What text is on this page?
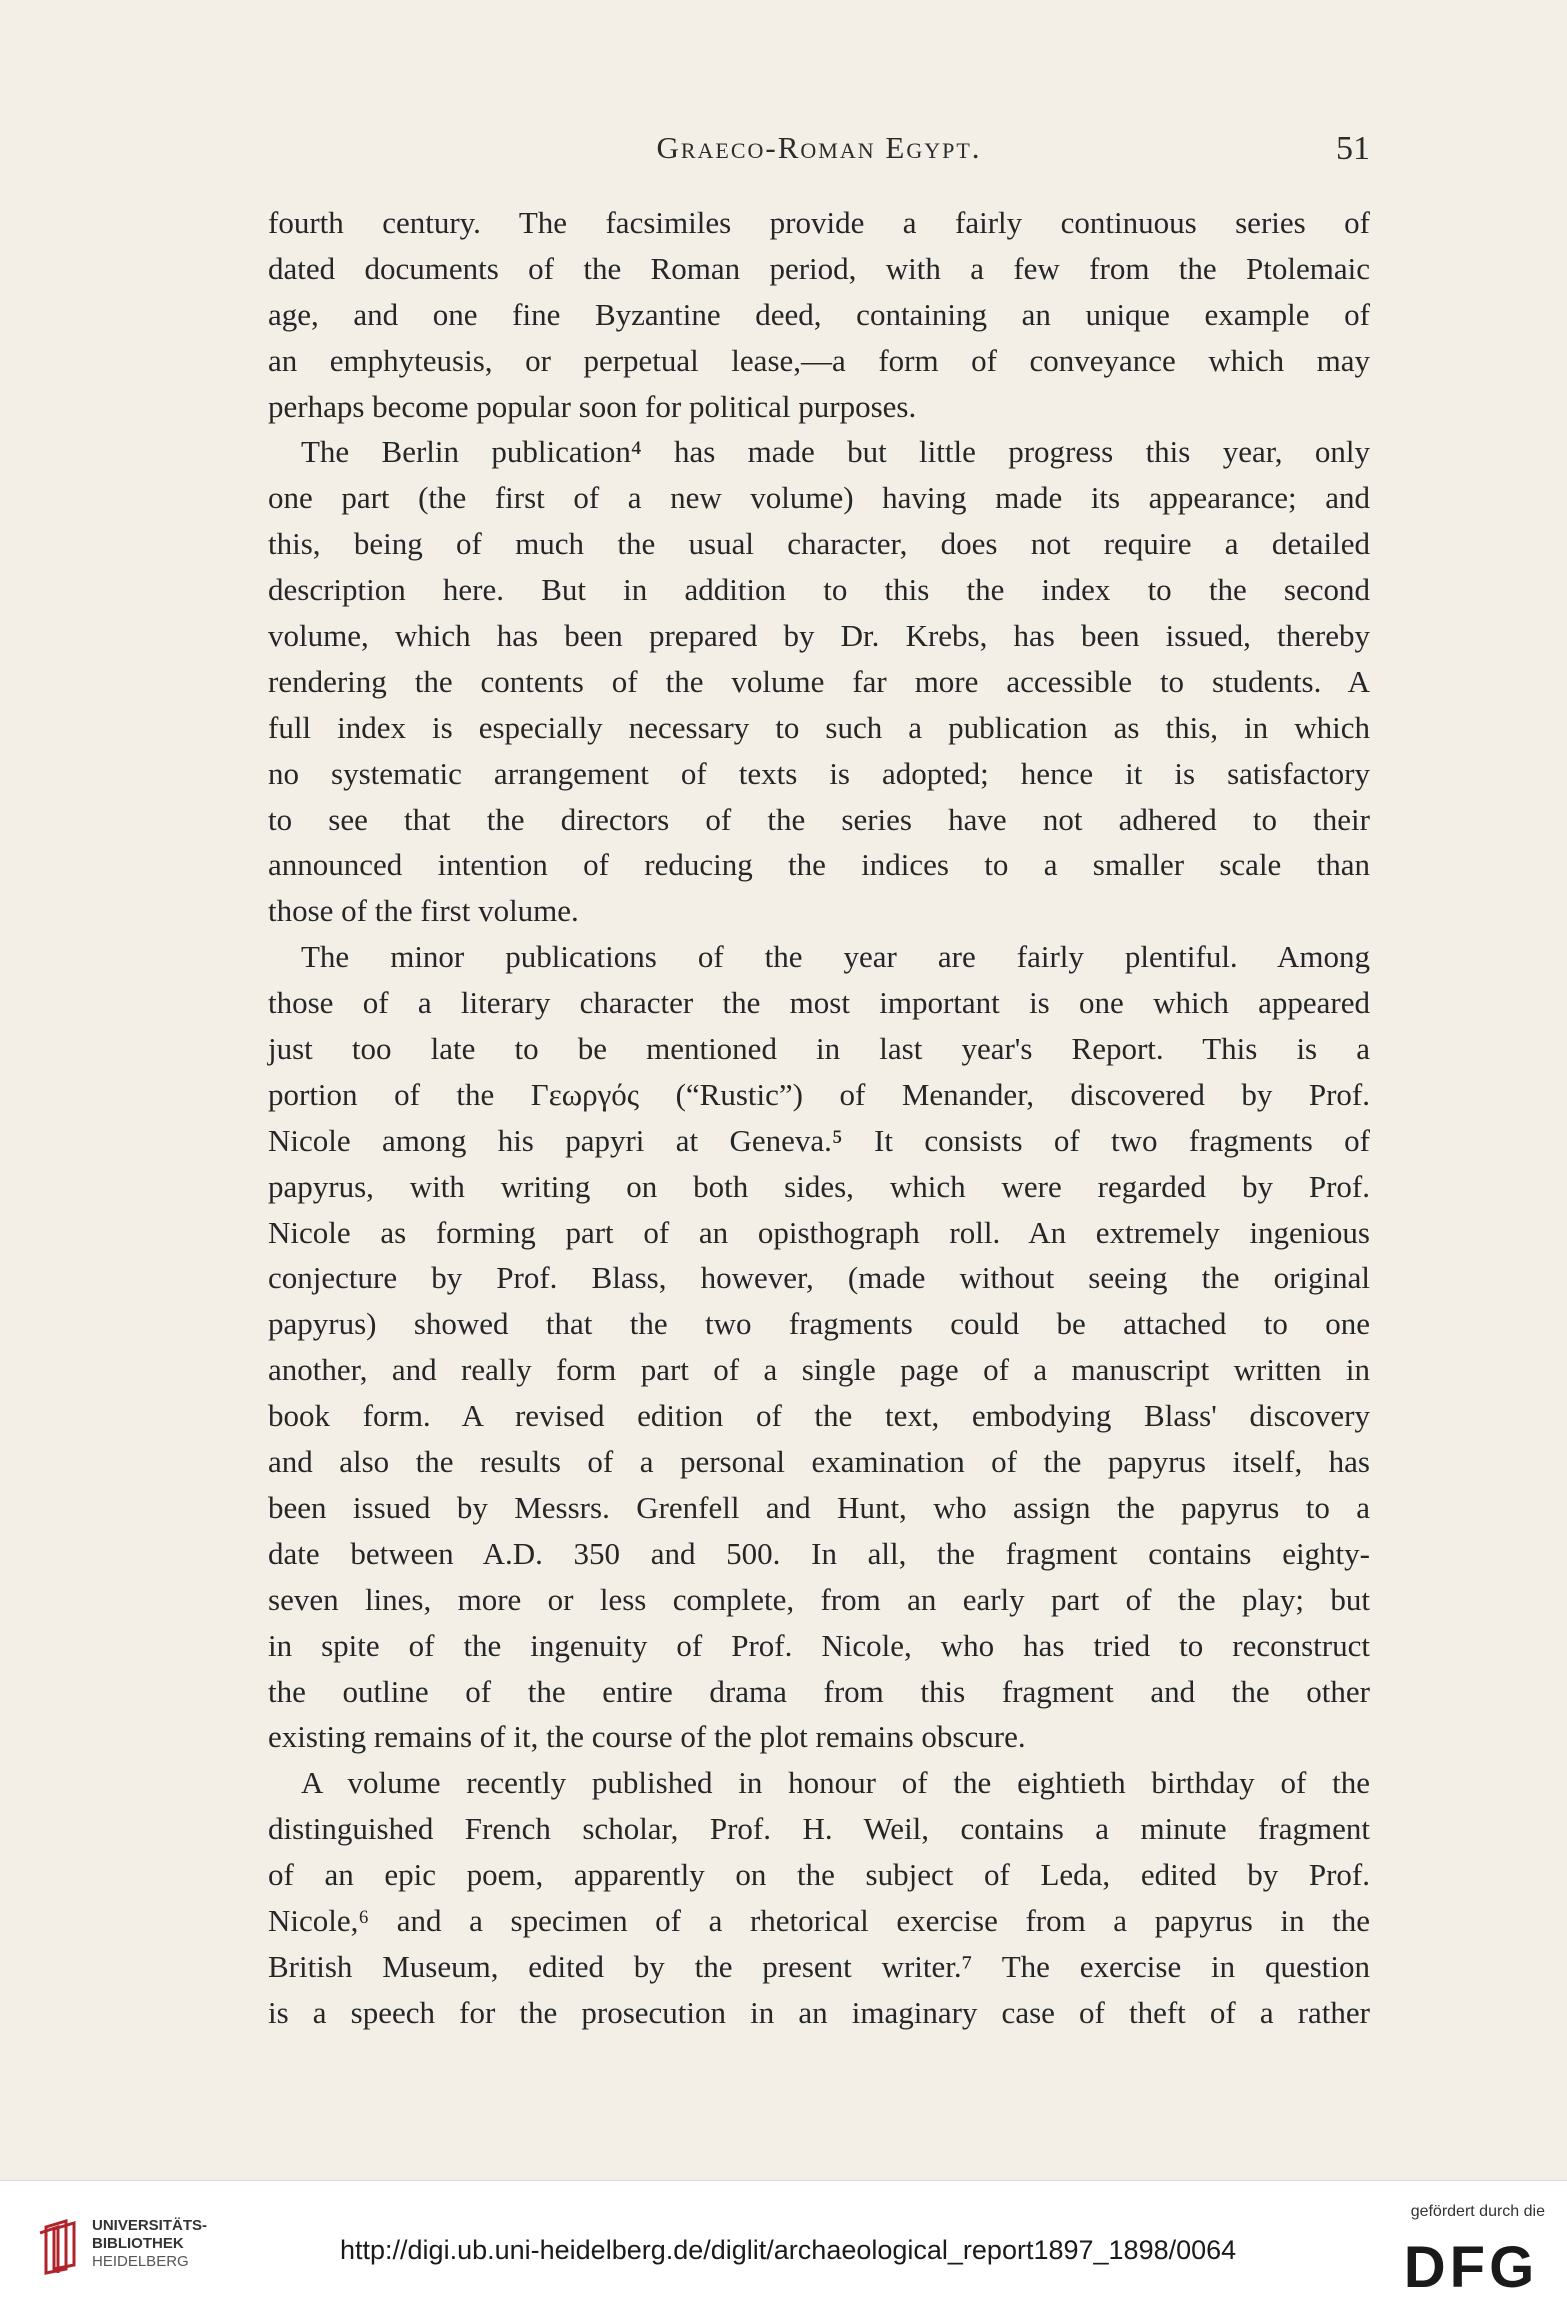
Graeco-Roman Egypt.	51
fourth century. The facsimiles provide a fairly continuous series of
dated documents of the Roman period, with a few from the Ptolemaic
age, and one fine Byzantine deed, containing an unique example of
an emphyteusis, or perpetual lease,—a form of conveyance which may
perhaps become popular soon for political purposes.
The Berlin publication⁴ has made but little progress this year, only
one part (the first of a new volume) having made its appearance; and
this, being of much the usual character, does not require a detailed
description here. But in addition to this the index to the second
volume, which has been prepared by Dr. Krebs, has been issued, thereby
rendering the contents of the volume far more accessible to students. A
full index is especially necessary to such a publication as this, in which
no systematic arrangement of texts is adopted; hence it is satisfactory
to see that the directors of the series have not adhered to their
announced intention of reducing the indices to a smaller scale than
those of the first volume.
The minor publications of the year are fairly plentiful. Among
those of a literary character the most important is one which appeared
just too late to be mentioned in last year's Report. This is a
portion of the Γεωργός (“Rustic”) of Menander, discovered by Prof.
Nicole among his papyri at Geneva.⁵ It consists of two fragments of
papyrus, with writing on both sides, which were regarded by Prof.
Nicole as forming part of an opisthograph roll. An extremely ingenious
conjecture by Prof. Blass, however, (made without seeing the original
papyrus) showed that the two fragments could be attached to one
another, and really form part of a single page of a manuscript written in
book form. A revised edition of the text, embodying Blass' discovery
and also the results of a personal examination of the papyrus itself, has
been issued by Messrs. Grenfell and Hunt, who assign the papyrus to a
date between A.D. 350 and 500. In all, the fragment contains eighty-
seven lines, more or less complete, from an early part of the play; but
in spite of the ingenuity of Prof. Nicole, who has tried to reconstruct
the outline of the entire drama from this fragment and the other
existing remains of it, the course of the plot remains obscure.
A volume recently published in honour of the eightieth birthday of the
distinguished French scholar, Prof. H. Weil, contains a minute fragment
of an epic poem, apparently on the subject of Leda, edited by Prof.
Nicole,⁶ and a specimen of a rhetorical exercise from a papyrus in the
British Museum, edited by the present writer.⁷ The exercise in question
is a speech for the prosecution in an imaginary case of theft of a rather
UNIVERSITÄTS-
BIBLIOTHEK
HEIDELBERG	http://digi.ub.uni-heidelberg.de/diglit/archaeological_report1897_1898/0064
gefördert durch die
DFG
